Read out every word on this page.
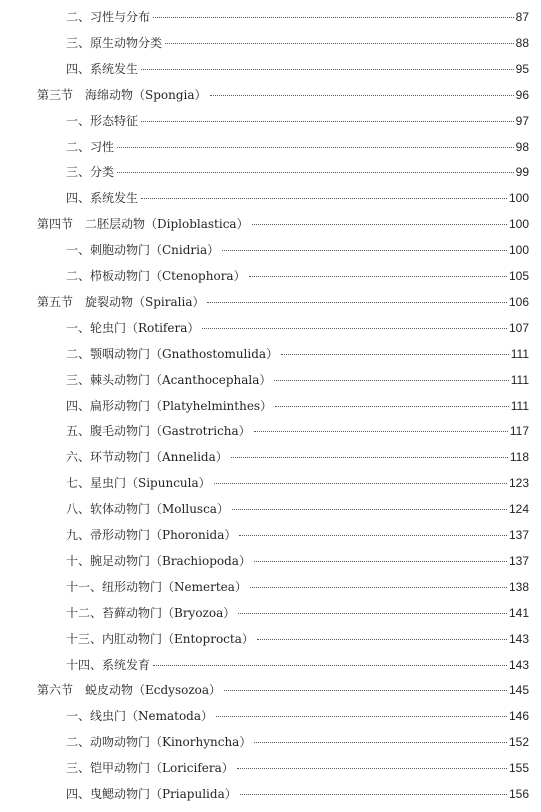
二、习性与分布	87
三、原生动物分类	88
四、系统发生	95
第三节 海绵动物（Spongia）	96
一、形态特征	97
二、习性	98
三、分类	99
四、系统发生	100
第四节 二胚层动物（Diploblastica）	100
一、刺胞动物门（Cnidria）	100
二、栉板动物门（Ctenophora）	105
第五节 旋裂动物（Spiralia）	106
一、轮虫门（Rotifera）	107
二、颚咽动物门（Gnathostomulida）	111
三、棘头动物门（Acanthocephala）	111
四、扁形动物门（Platyhelminthes）	111
五、腹毛动物门（Gastrotricha）	117
六、环节动物门（Annelida）	118
七、星虫门（Sipuncula）	123
八、软体动物门（Mollusca）	124
九、帚形动物门（Phoronida）	137
十、腕足动物门（Brachiopoda）	137
十一、纽形动物门（Nemertea）	138
十二、苔藓动物门（Bryozoa）	141
十三、内肛动物门（Entoprocta）	143
十四、系统发育	143
第六节 蜕皮动物（Ecdysozoa）	145
一、线虫门（Nematoda）	146
二、动吻动物门（Kinorhyncha）	152
三、铠甲动物门（Loricifera）	155
四、曳鳃动物门（Priapulida）	156
